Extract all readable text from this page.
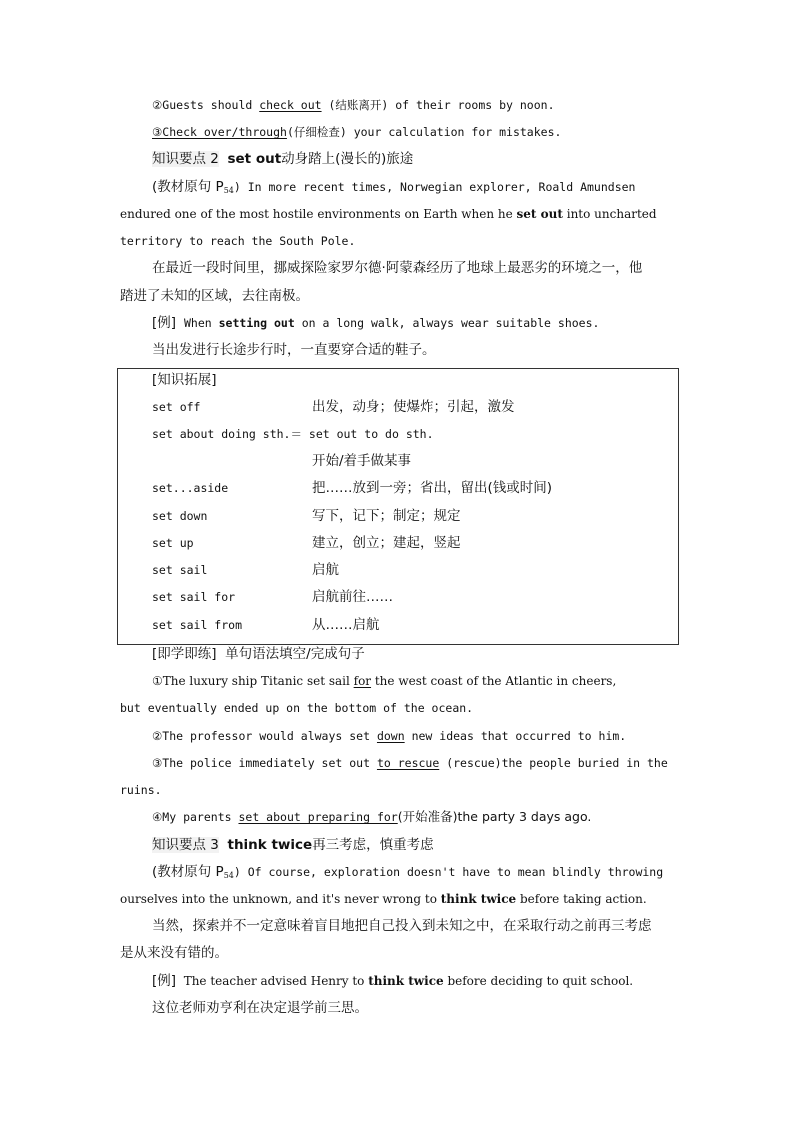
②Guests should check out (结账离开) of their rooms by noon.
③Check over/through(仔细检查) your calculation for mistakes.
知识要点 2 set out动身踏上(漫长的)旅途
(教材原句 $P_{54}$) In more recent times, Norwegian explorer, Roald Amundsen
endured one of the most hostile environments on Earth when he set out into uncharted
territory to reach the South Pole.
在最近一段时间里，挪威探险家罗尔德·阿蒙森经历了地球上最恶劣的环境之一，他
踏进了未知的区域，去往南极。
[例] When setting out on a long walk, always wear suitable shoes.
当出发进行长途步行时，一直要穿合适的鞋子。
[知识拓展]
set off	出发，动身；使爆炸；引起，激发
set about doing sth.＝ set out to do sth.
开始/着手做某事
set...aside	把……放到一旁；省出，留出(钱或时间)
set down	写下，记下；制定；规定
set up	建立，创立；建起，竖起
set sail	启航
set sail for	启航前往……
set sail from	从……启航
[即学即练] 单句语法填空/完成句子
①The luxury ship Titanic set sail for the west coast of the Atlantic in cheers,
but eventually ended up on the bottom of the ocean.
②The professor would always set down new ideas that occurred to him.
③The police immediately set out to rescue (rescue)the people buried in the
ruins.
④My parents set about preparing for(开始准备)the party 3 days ago.
知识要点 3 think twice再三考虑，慎重考虑
(教材原句 $P_{54}$) Of course, exploration doesn't have to mean blindly throwing
ourselves into the unknown, and it's never wrong to think twice before taking action.
当然，探索并不一定意味着盲目地把自己投入到未知之中，在采取行动之前再三考虑
是从来没有错的。
[例] The teacher advised Henry to think twice before deciding to quit school.
这位老师劝亨利在决定退学前三思。
